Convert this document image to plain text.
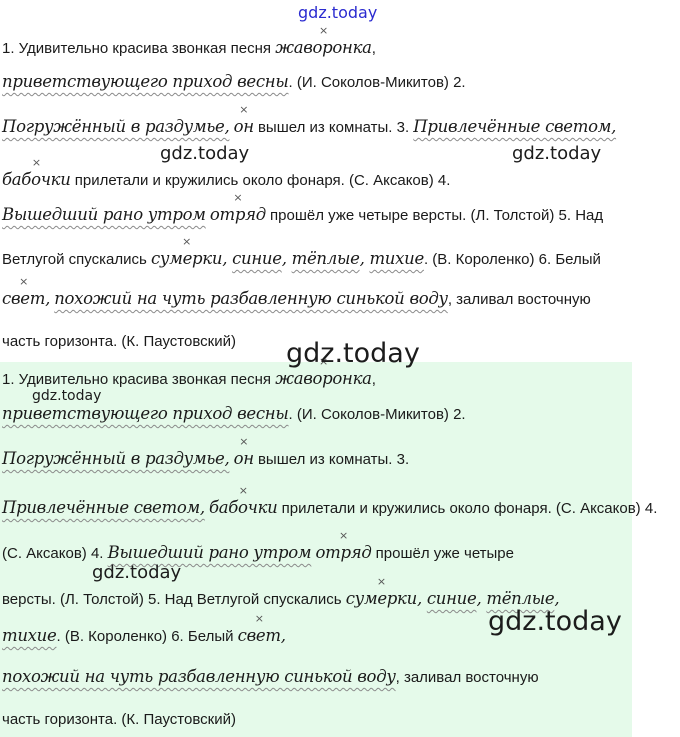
gdz.today
gdz.today	gdz.today
1. Удивительно красива звонкая песня × жаворонка,
приветствующего приход весны. (И. Соколов-Микитов) 2.
Погружённый в раздумье, × он вышел из комнаты. 3. Привлечённые светом,
× бабочки прилетали и кружились около фонаря. (С. Аксаков) 4.
Вышедший рано утром × отряд прошёл уже четыре версты. (Л. Толстой) 5. Над
Ветлугой спускались × сумерки, синие, тёплые, тихие. (В. Короленко) 6. Белый
× свет, похожий на чуть разбавленную синькой воду, заливал восточную
часть горизонта. (К. Паустовский)
1. Удивительно красива звонкая песня × жаворонка,
приветствующего приход весны. (И. Соколов-Микитов) 2.
Погружённый в раздумье, × он вышел из комнаты. 3.
Привлечённые светом, × бабочки прилетали и кружились около фонаря. (С. Аксаков) 4.
(С. Аксаков) 4. Вышедший рано утром × отряд прошёл уже четыре
версты. (Л. Толстой) 5. Над Ветлугой спускались × сумерки, синие, тёплые,
тихие. (В. Короленко) 6. Белый × свет,
похожий на чуть разбавленную синькой воду, заливал восточную
часть горизонта. (К. Паустовский)
gdz.today
gdz.today
gdz.today
gdz.today
